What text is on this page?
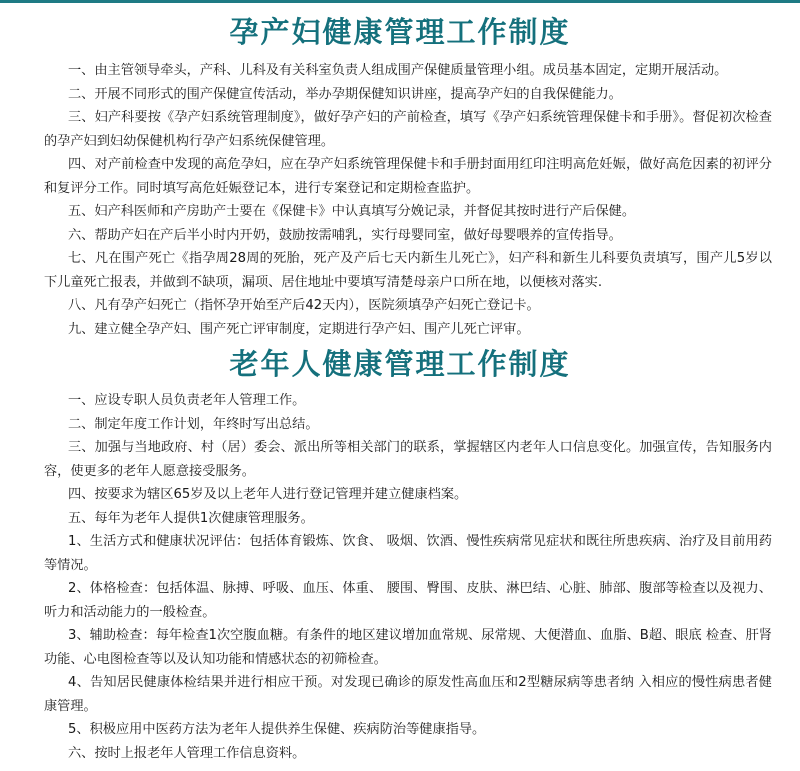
孕产妇健康管理工作制度

一、由主管领导牵头，产科、儿科及有关科室负责人组成围产保健质量管理小组。成员基本固定，定期开展活动。

二、开展不同形式的围产保健宣传活动，举办孕期保健知识讲座，提高孕产妇的自我保健能力。

三、妇产科要按《孕产妇系统管理制度》，做好孕产妇的产前检查，填写《孕产妇系统管理保健卡和手册》。督促初次检查的孕产妇到妇幼保健机构行孕产妇系统保健管理。

四、对产前检查中发现的高危孕妇，应在孕产妇系统管理保健卡和手册封面用红印注明高危妊娠，做好高危因素的初评分和复评分工作。同时填写高危妊娠登记本，进行专案登记和定期检查监护。

五、妇产科医师和产房助产士要在《保健卡》中认真填写分娩记录，并督促其按时进行产后保健。

六、帮助产妇在产后半小时内开奶，鼓励按需哺乳，实行母婴同室，做好母婴喂养的宣传指导。

七、凡在围产死亡《指孕周28周的死胎，死产及产后七天内新生儿死亡》，妇产科和新生儿科要负责填写，围产儿5岁以下儿童死亡报表，并做到不缺项，漏项、居住地址中要填写清楚母亲户口所在地，以便核对落实.

八、凡有孕产妇死亡（指怀孕开始至产后42天内），医院须填孕产妇死亡登记卡。

九、建立健全孕产妇、围产死亡评审制度，定期进行孕产妇、围产儿死亡评审。

老年人健康管理工作制度

一、应设专职人员负责老年人管理工作。

二、制定年度工作计划，年终时写出总结。

三、加强与当地政府、村（居）委会、派出所等相关部门的联系，掌握辖区内老年人口信息变化。加强宣传，告知服务内容，使更多的老年人愿意接受服务。

四、按要求为辖区65岁及以上老年人进行登记管理并建立健康档案。

五、每年为老年人提供1次健康管理服务。

1、生活方式和健康状况评估：包括体育锻炼、饮食、 吸烟、饮酒、慢性疾病常见症状和既往所患疾病、治疗及目前用药等情况。

2、体格检查：包括体温、脉搏、呼吸、血压、体重、 腰围、臀围、皮肤、淋巴结、心脏、肺部、腹部等检查以及视力、听力和活动能力的一般检查。

3、辅助检查：每年检查1次空腹血糖。有条件的地区建议增加血常规、尿常规、大便潜血、血脂、B超、眼底 检查、肝肾功能、心电图检查等以及认知功能和情感状态的初筛检查。

4、告知居民健康体检结果并进行相应干预。对发现已确诊的原发性高血压和2型糖尿病等患者纳 入相应的慢性病患者健康管理。

5、积极应用中医药方法为老年人提供养生保健、疾病防治等健康指导。

六、按时上报老年人管理工作信息资料。
